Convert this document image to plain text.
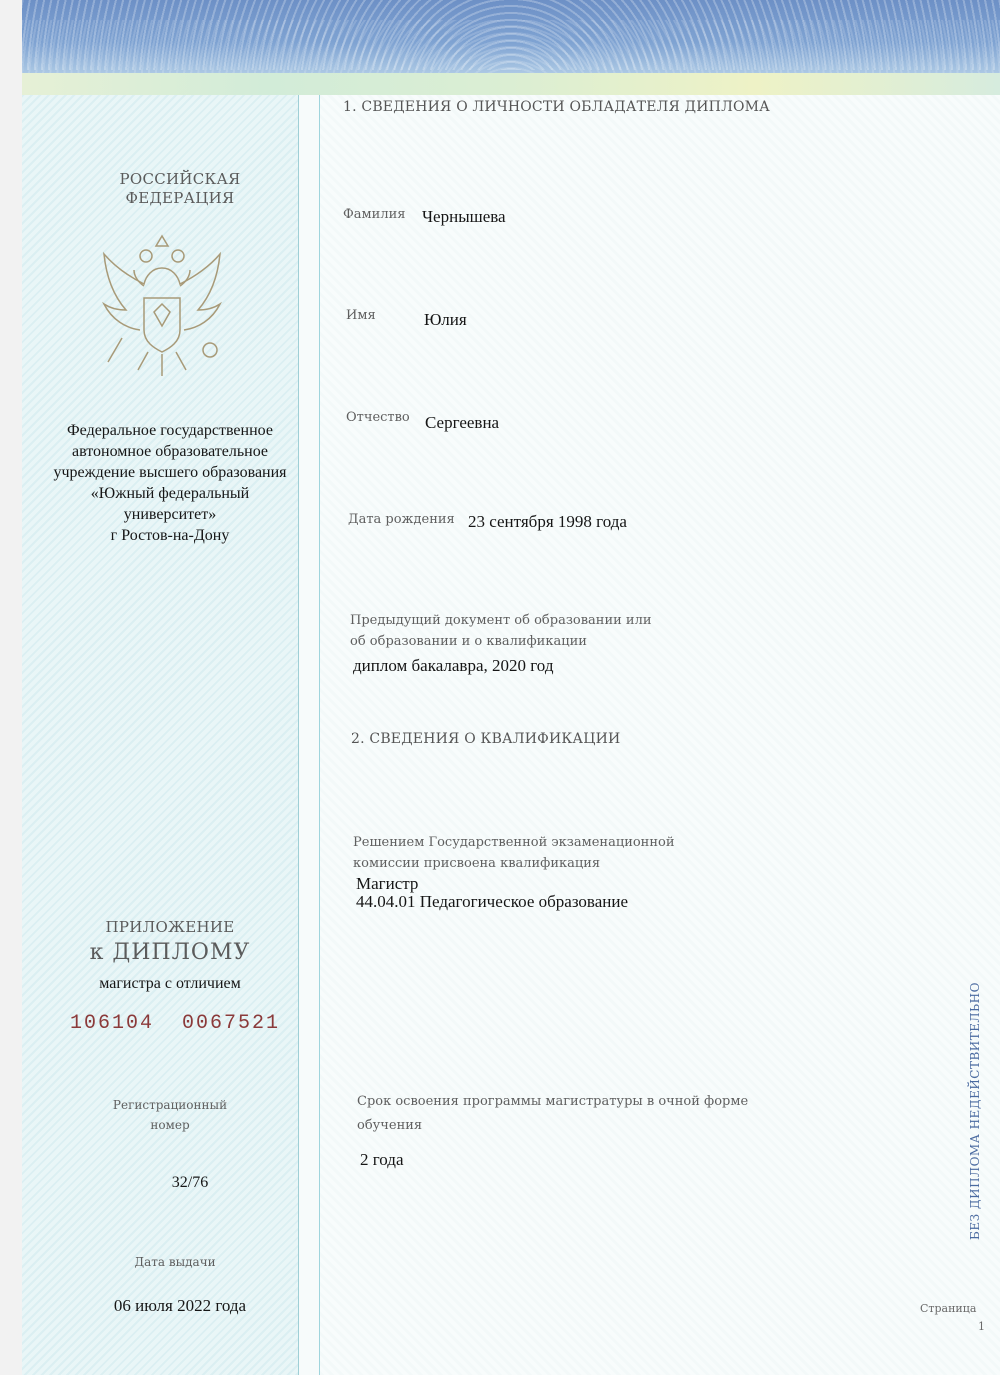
РОССИЙСКАЯ
ФЕДЕРАЦИЯ
Федеральное государственное
автономное образовательное
учреждение высшего образования
«Южный федеральный
университет»
г Ростов-на-Дону
ПРИЛОЖЕНИЕ
к ДИПЛОМУ
магистра с отличием
106104  0067521
Регистрационный
номер
32/76
Дата выдачи
06 июля 2022 года
1. СВЕДЕНИЯ О ЛИЧНОСТИ ОБЛАДАТЕЛЯ ДИПЛОМА
Фамилия Чернышева
Имя	Юлия
Отчество Сергеевна
Дата рождения 23 сентября 1998 года
Предыдущий документ об образовании или
об образовании и о квалификации
диплом бакалавра, 2020 год
2. СВЕДЕНИЯ О КВАЛИФИКАЦИИ
Решением Государственной экзаменационной
комиссии присвоена квалификация
Магистр
44.04.01 Педагогическое образование
Срок освоения программы магистратуры в очной форме
обучения
2 года	БЕЗ ДИПЛОМА НЕДЕЙСТВИТЕЛЬНО
Страница
1
